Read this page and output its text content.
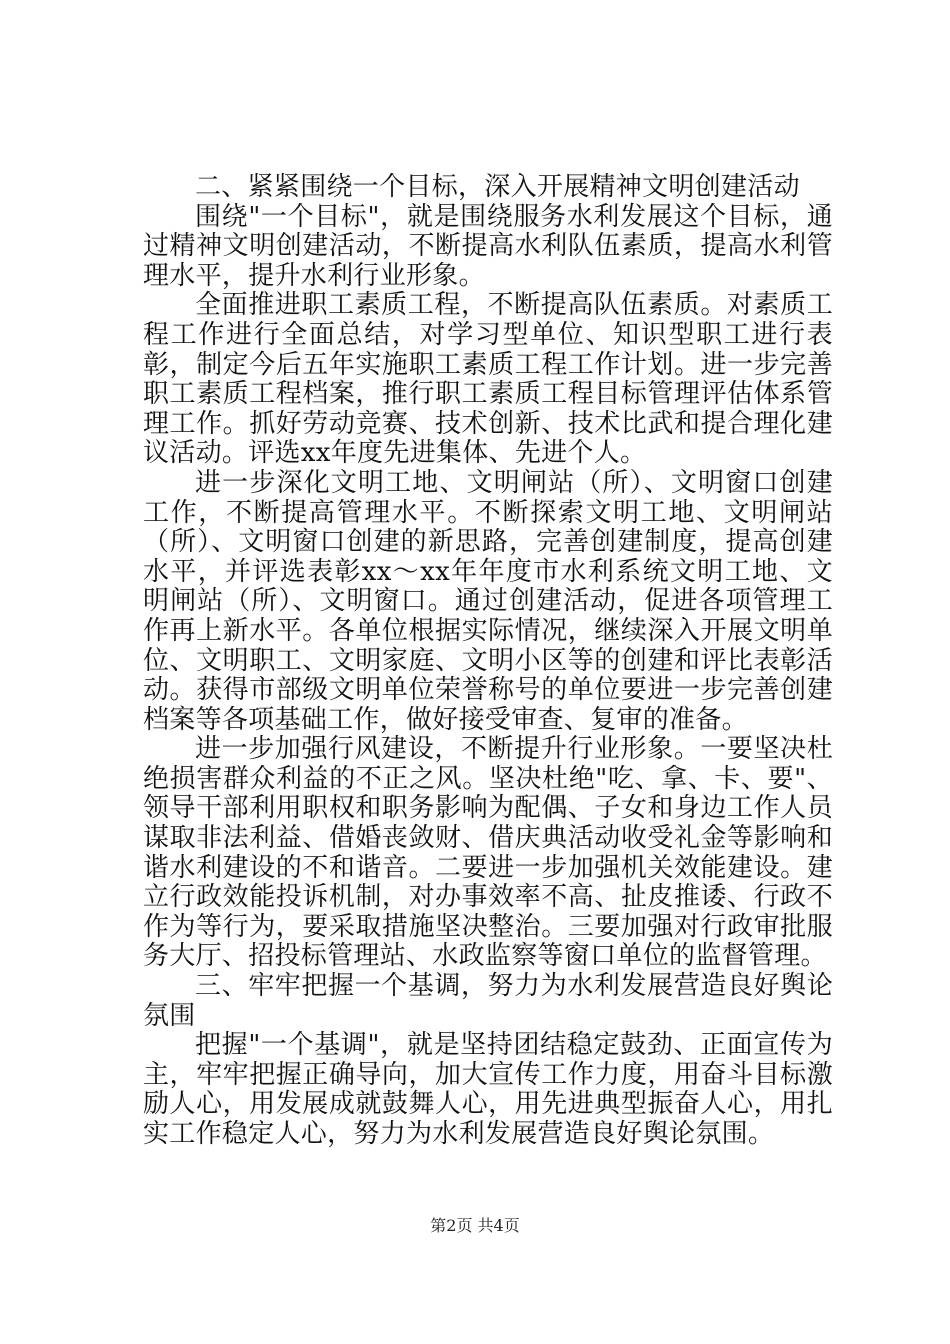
二、紧紧围绕一个目标，深入开展精神文明创建活动

围绕"一个目标"，就是围绕服务水利发展这个目标，通过精神文明创建活动，不断提高水利队伍素质，提高水利管理水平，提升水利行业形象。

全面推进职工素质工程，不断提高队伍素质。对素质工程工作进行全面总结，对学习型单位、知识型职工进行表彰，制定今后五年实施职工素质工程工作计划。进一步完善职工素质工程档案，推行职工素质工程目标管理评估体系管理工作。抓好劳动竞赛、技术创新、技术比武和提合理化建议活动。评选xx年度先进集体、先进个人。

进一步深化文明工地、文明闸站（所）、文明窗口创建工作，不断提高管理水平。不断探索文明工地、文明闸站（所）、文明窗口创建的新思路，完善创建制度，提高创建水平，并评选表彰xx～xx年年度市水利系统文明工地、文明闸站（所）、文明窗口。通过创建活动，促进各项管理工作再上新水平。各单位根据实际情况，继续深入开展文明单位、文明职工、文明家庭、文明小区等的创建和评比表彰活动。获得市部级文明单位荣誉称号的单位要进一步完善创建档案等各项基础工作，做好接受审查、复审的准备。

进一步加强行风建设，不断提升行业形象。一要坚决杜绝损害群众利益的不正之风。坚决杜绝"吃、拿、卡、要"、领导干部利用职权和职务影响为配偶、子女和身边工作人员谋取非法利益、借婚丧敛财、借庆典活动收受礼金等影响和谐水利建设的不和谐音。二要进一步加强机关效能建设。建立行政效能投诉机制，对办事效率不高、扯皮推诿、行政不作为等行为，要采取措施坚决整治。三要加强对行政审批服务大厅、招投标管理站、水政监察等窗口单位的监督管理。

三、牢牢把握一个基调，努力为水利发展营造良好舆论氛围

把握"一个基调"，就是坚持团结稳定鼓劲、正面宣传为主，牢牢把握正确导向，加大宣传工作力度，用奋斗目标激励人心，用发展成就鼓舞人心，用先进典型振奋人心，用扎实工作稳定人心，努力为水利发展营造良好舆论氛围。

第2页 共4页
